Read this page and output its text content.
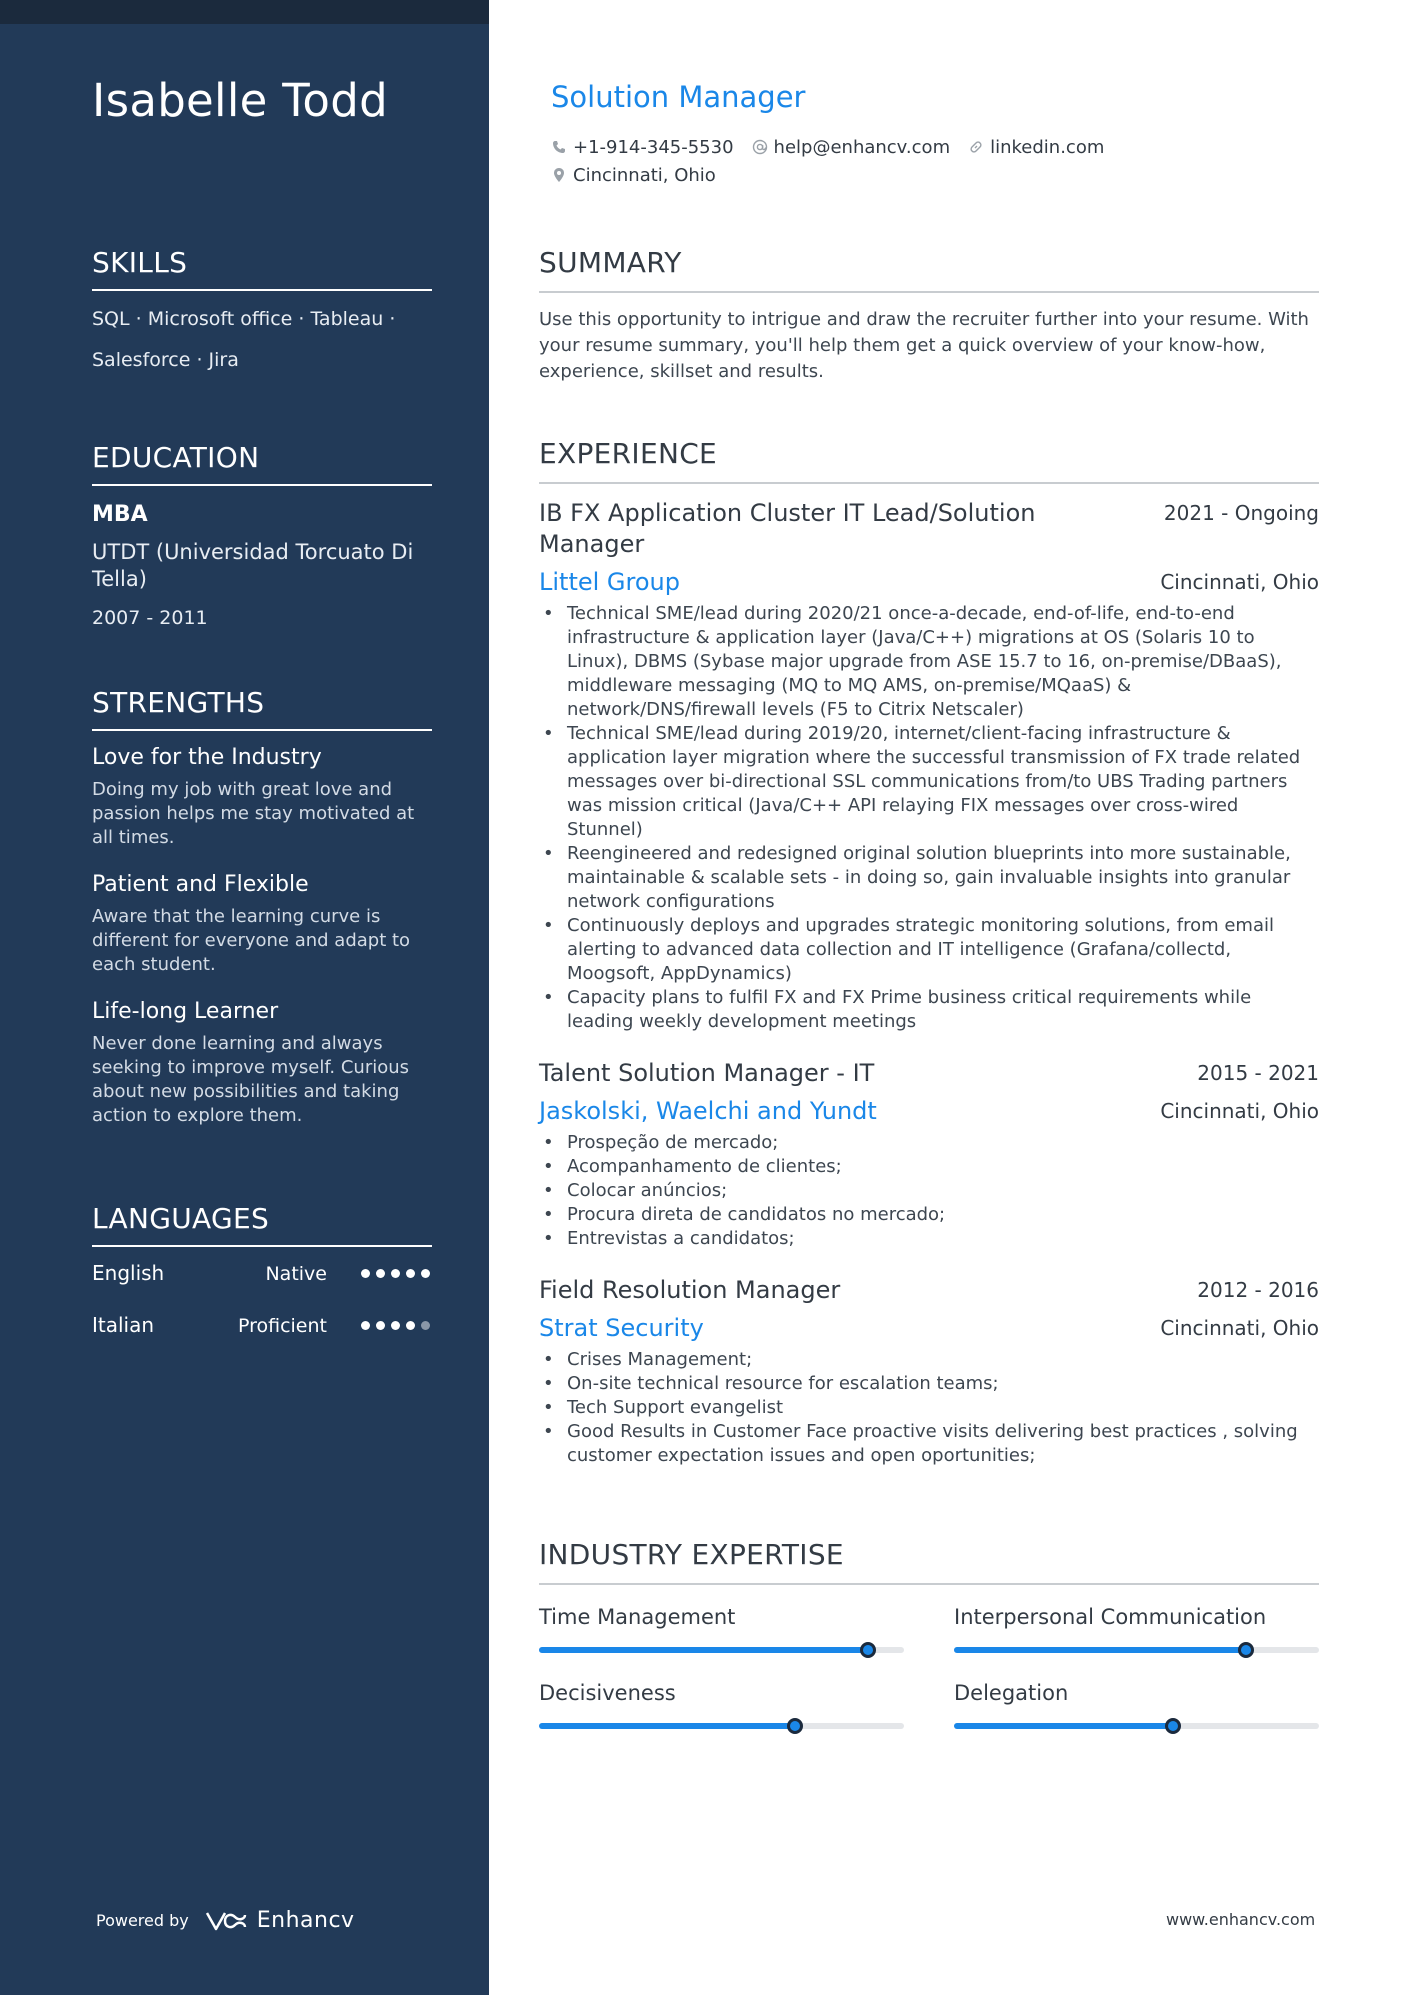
Isabelle Todd
SKILLS
SQL · Microsoft office · Tableau ·
Salesforce · Jira
EDUCATION
MBA
UTDT (Universidad Torcuato Di Tella)
2007 - 2011
STRENGTHS
Love for the Industry
Doing my job with great love and passion helps me stay motivated at all times.
Patient and Flexible
Aware that the learning curve is different for everyone and adapt to each student.
Life-long Learner
Never done learning and always seeking to improve myself. Curious about new possibilities and taking action to explore them.
LANGUAGES
English	Native
Italian	Proficient
Powered by	Enhancv
Solution Manager
+1-914-345-5530 help@enhancv.com linkedin.com
Cincinnati, Ohio
SUMMARY
Use this opportunity to intrigue and draw the recruiter further into your resume. With your resume summary, you'll help them get a quick overview of your know-how, experience, skillset and results.
EXPERIENCE
IB FX Application Cluster IT Lead/Solution Manager
2021 - Ongoing
Littel Group	Cincinnati, Ohio
• Technical SME/lead during 2020/21 once-a-decade, end-of-life, end-to-end infrastructure & application layer (Java/C++) migrations at OS (Solaris 10 to Linux), DBMS (Sybase major upgrade from ASE 15.7 to 16, on-premise/DBaaS), middleware messaging (MQ to MQ AMS, on-premise/MQaaS) & network/DNS/firewall levels (F5 to Citrix Netscaler)
• Technical SME/lead during 2019/20, internet/client-facing infrastructure & application layer migration where the successful transmission of FX trade related messages over bi-directional SSL communications from/to UBS Trading partners was mission critical (Java/C++ API relaying FIX messages over cross-wired Stunnel)
• Reengineered and redesigned original solution blueprints into more sustainable, maintainable & scalable sets - in doing so, gain invaluable insights into granular network configurations
• Continuously deploys and upgrades strategic monitoring solutions, from email alerting to advanced data collection and IT intelligence (Grafana/collectd, Moogsoft, AppDynamics)
• Capacity plans to fulfil FX and FX Prime business critical requirements while leading weekly development meetings
Talent Solution Manager - IT	2015 - 2021
Jaskolski, Waelchi and Yundt	Cincinnati, Ohio
• Prospeção de mercado;
• Acompanhamento de clientes;
• Colocar anúncios;
• Procura direta de candidatos no mercado;
• Entrevistas a candidatos;
Field Resolution Manager	2012 - 2016
Strat Security	Cincinnati, Ohio
• Crises Management;
• On-site technical resource for escalation teams;
• Tech Support evangelist
• Good Results in Customer Face proactive visits delivering best practices , solving customer expectation issues and open oportunities;
INDUSTRY EXPERTISE
Time Management	Interpersonal Communication
Decisiveness	Delegation
www.enhancv.com
